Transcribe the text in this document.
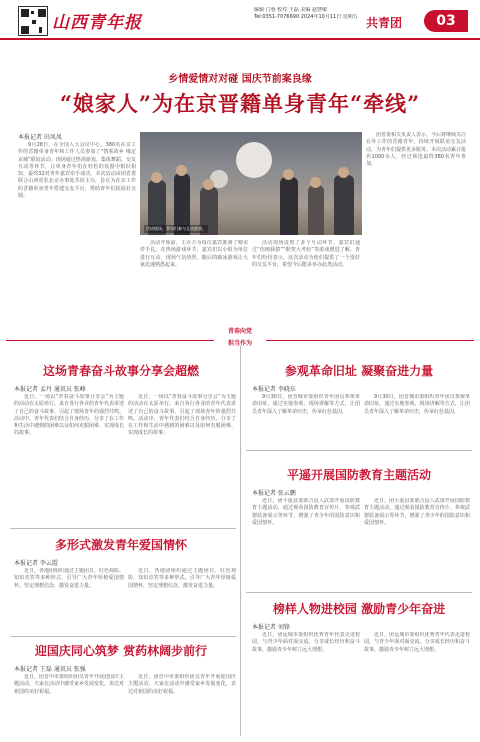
山西青年报
编辑 门蓉 校对 王磊 美编 赵慧敏
Tel:0351-7076690 2024年10月11日 星期五 共青团	03
乡情爱情对对碰 国庆节前案良缘
“娘家人”为在京晋籍单身青年“牵线”
本报记者 田凤凤

9月28日，在全国人大会议中心，380名在京工作的晋籍单身青年和工作人员参加了“情系故乡 缘定京城”联谊活动。现场通过热场游戏、集体舞蹈、交友互动等环节，让单身青年们在轻松的氛围中相识相知，最终32对青年嘉宾牵手成功。本次活动由团省委联合山西省驻北京办事处共同主办，旨在为在京工作的晋籍单身青年搭建交友平台，帮助青年们拓展社交圈。

活动现场，青年们参与互动游戏。

活动开始前，主办方为每位嘉宾准备了精美伴手礼。在热场游戏环节，嘉宾们以小组为单位进行互动，现场气氛热烈。随后的破冰游戏让大家迅速熟悉起来。

活动现场设置了多个互动环节，嘉宾们通过“你画我猜”“默契大考验”等游戏增进了解。青年们纷纷表示，这次活动为他们提供了一个很好的交友平台，希望今后能多举办此类活动。

团省委相关负责人表示，今后将继续关注在外工作的晋籍青年，持续开展联谊交友活动，为青年们提供更多服务。本次活动累计报名1000余人，经过筛选最终380名青年参加。

青春向党
担当作为
这场青春奋斗故事分享会超燃
本报记者 孟丹 通讯员 张峰

近日，一场以“青春奋斗故事分享会”为主题的活动在太原举行。来自各行各业的青年代表讲述了自己的奋斗故事，引起了现场青年的强烈共鸣。活动中，青年代表们结合自身经历，分享了在工作和生活中遇到的困难以及如何克服困难、实现成长的故事。

近日，一场以“青春奋斗故事分享会”为主题的活动在太原举行。来自各行各业的青年代表讲述了自己的奋斗故事，引起了现场青年的强烈共鸣。活动中，青年代表们结合自身经历，分享了在工作和生活中遇到的困难以及如何克服困难、实现成长的故事。

多形式激发青年爱国情怀
本报记者 李云霞

近日，各地团组织通过主题团日、红色观影、知识竞答等多种形式，引导广大青年厚植爱国情怀，坚定理想信念，激发奋进力量。

近日，各地团组织通过主题团日、红色观影、知识竞答等多种形式，引导广大青年厚植爱国情怀，坚定理想信念，激发奋进力量。

迎国庆同心筑梦 赏药林阔步前行
本报记者 王磊 通讯员 张强

近日，团晋中市委组织团员青年开展迎国庆主题活动，大家在活动中感受家乡发展变化，表达对祖国的美好祝福。

近日，团晋中市委组织团员青年开展迎国庆主题活动，大家在活动中感受家乡发展变化，表达对祖国的美好祝福。

参观革命旧址 凝聚奋进力量
本报记者 李晓东

9月30日，团晋城市委组织青年团员参观革命旧址，通过实地参观、现场讲解等方式，让团员青年深入了解革命历史，传承红色基因。

9月30日，团晋城市委组织青年团员参观革命旧址，通过实地参观、现场讲解等方式，让团员青年深入了解革命历史，传承红色基因。

平遥开展国防教育主题活动
本报记者 张云鹏

近日，团平遥县委联合县人武部开展国防教育主题活动，通过观看国防教育宣传片、参观武器装备展示等环节，增强了青少年的国防意识和爱国情怀。

近日，团平遥县委联合县人武部开展国防教育主题活动，通过观看国防教育宣传片、参观武器装备展示等环节，增强了青少年的国防意识和爱国情怀。

榜样人物进校园 激励青少年奋进
本报记者 刘锋

近日，团运城市委组织优秀青年代表走进校园，与青少年面对面交流，分享成长经历和奋斗故事，激励青少年树立远大理想。

近日，团运城市委组织优秀青年代表走进校园，与青少年面对面交流，分享成长经历和奋斗故事，激励青少年树立远大理想。
